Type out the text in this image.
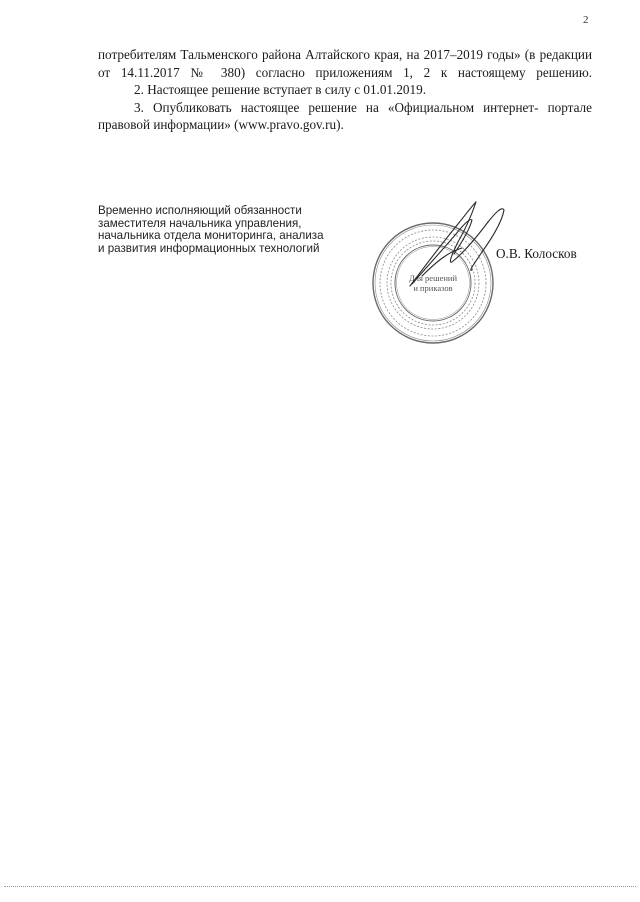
2

потребителям Тальменского района Алтайского края, на 2017–2019 годы» (в редакции от 14.11.2017 № 380) согласно приложениям 1, 2 к настоящему решению.

2. Настоящее решение вступает в силу с 01.01.2019.

3. Опубликовать настоящее решение на «Официальном интернет- портале правовой информации» (www.pravo.gov.ru).

Временно исполняющий обязанности
заместителя начальника управления,
начальника отдела мониторинга, анализа
и развития информационных технологий
Для решений
и приказов
О.В. Колосков
